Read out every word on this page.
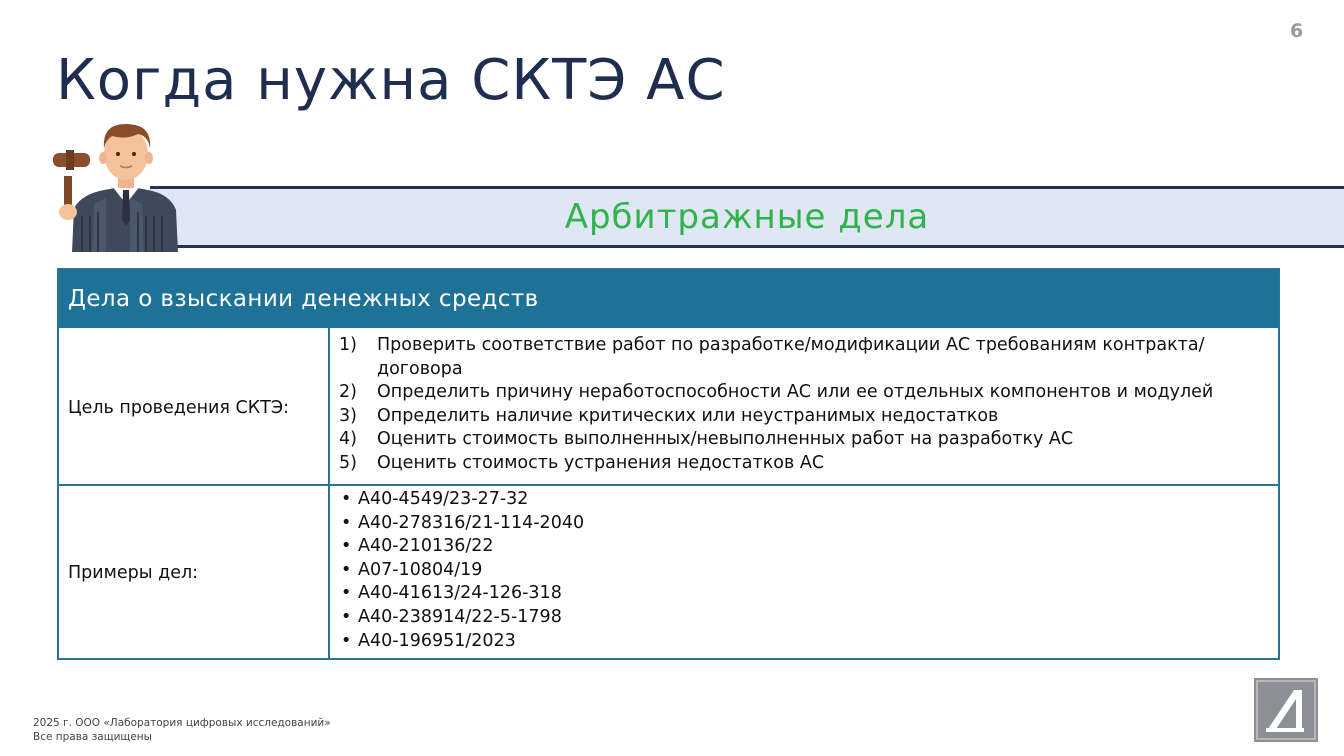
6
Когда нужна СКТЭ АС
Арбитражные дела
Дела о взыскании денежных средств
Цель проведения СКТЭ:
1)	Проверить соответствие работ по разработке/модификации АС требованиям контракта/договора
2)	Определить причину неработоспособности АС или ее отдельных компонентов и модулей
3)	Определить наличие критических или неустранимых недостатков
4)	Оценить стоимость выполненных/невыполненных работ на разработку АС
5)	Оценить стоимость устранения недостатков АС
Примеры дел:
• А40-4549/23-27-32
• А40-278316/21-114-2040
• А40-210136/22
• А07-10804/19
• А40-41613/24-126-318
• А40-238914/22-5-1798
• А40-196951/2023
2025 г. ООО «Лаборатория цифровых исследований»
Все права защищены
